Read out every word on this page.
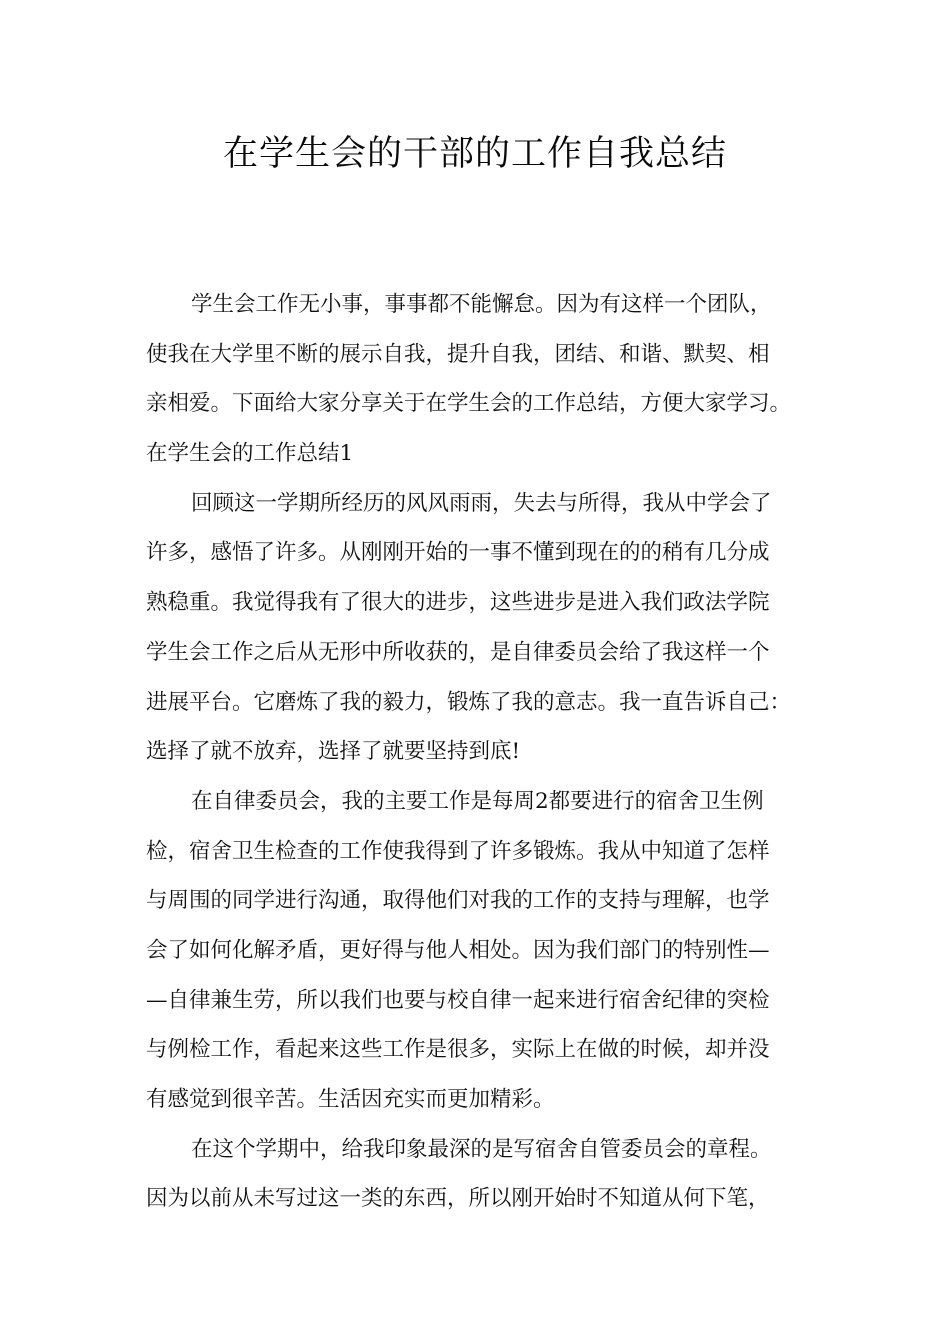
在学生会的干部的工作自我总结
学生会工作无小事，事事都不能懈怠。因为有这样一个团队，
使我在大学里不断的展示自我，提升自我，团结、和谐、默契、相
亲相爱。下面给大家分享关于在学生会的工作总结，方便大家学习。
在学生会的工作总结1
回顾这一学期所经历的风风雨雨，失去与所得，我从中学会了
许多，感悟了许多。从刚刚开始的一事不懂到现在的的稍有几分成
熟稳重。我觉得我有了很大的进步，这些进步是进入我们政法学院
学生会工作之后从无形中所收获的，是自律委员会给了我这样一个
进展平台。它磨炼了我的毅力，锻炼了我的意志。我一直告诉自己：
选择了就不放弃，选择了就要坚持到底!
在自律委员会，我的主要工作是每周2都要进行的宿舍卫生例
检，宿舍卫生检查的工作使我得到了许多锻炼。我从中知道了怎样
与周围的同学进行沟通，取得他们对我的工作的支持与理解，也学
会了如何化解矛盾，更好得与他人相处。因为我们部门的特别性—
—自律兼生劳，所以我们也要与校自律一起来进行宿舍纪律的突检
与例检工作，看起来这些工作是很多，实际上在做的时候，却并没
有感觉到很辛苦。生活因充实而更加精彩。
在这个学期中，给我印象最深的是写宿舍自管委员会的章程。
因为以前从未写过这一类的东西，所以刚开始时不知道从何下笔，
